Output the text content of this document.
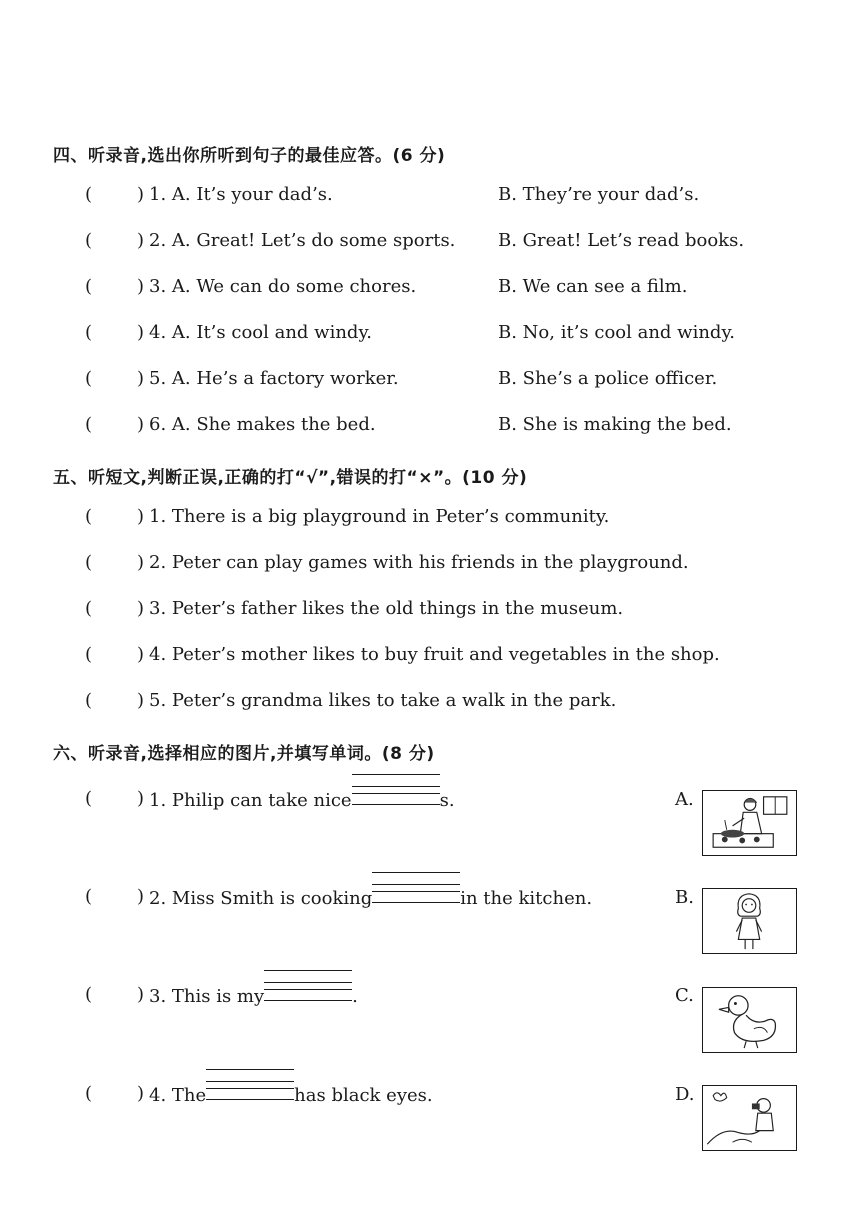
四、听录音,选出你所听到句子的最佳应答。(6 分)
( ) 1. A. It’s your dad’s.	B. They’re your dad’s.
( ) 2. A. Great! Let’s do some sports. B. Great! Let’s read books.
( ) 3. A. We can do some chores.	B. We can see a film.
( ) 4. A. It’s cool and windy.	B. No, it’s cool and windy.
( ) 5. A. He’s a factory worker.	B. She’s a police officer.
( ) 6. A. She makes the bed.	B. She is making the bed.
五、听短文,判断正误,正确的打“√”,错误的打“×”。(10 分)
( ) 1. There is a big playground in Peter’s community.
( ) 2. Peter can play games with his friends in the playground.
( ) 3. Peter’s father likes the old things in the museum.
( ) 4. Peter’s mother likes to buy fruit and vegetables in the shop.
( ) 5. Peter’s grandma likes to take a walk in the park.
六、听录音,选择相应的图片,并填写单词。(8 分)
( ) 1. Philip can take nice	s.
( ) 2. Miss Smith is cooking	in the kitchen.
( ) 3. This is my	.
( ) 4. The	has black eyes.
A.
B.
C.
D.
